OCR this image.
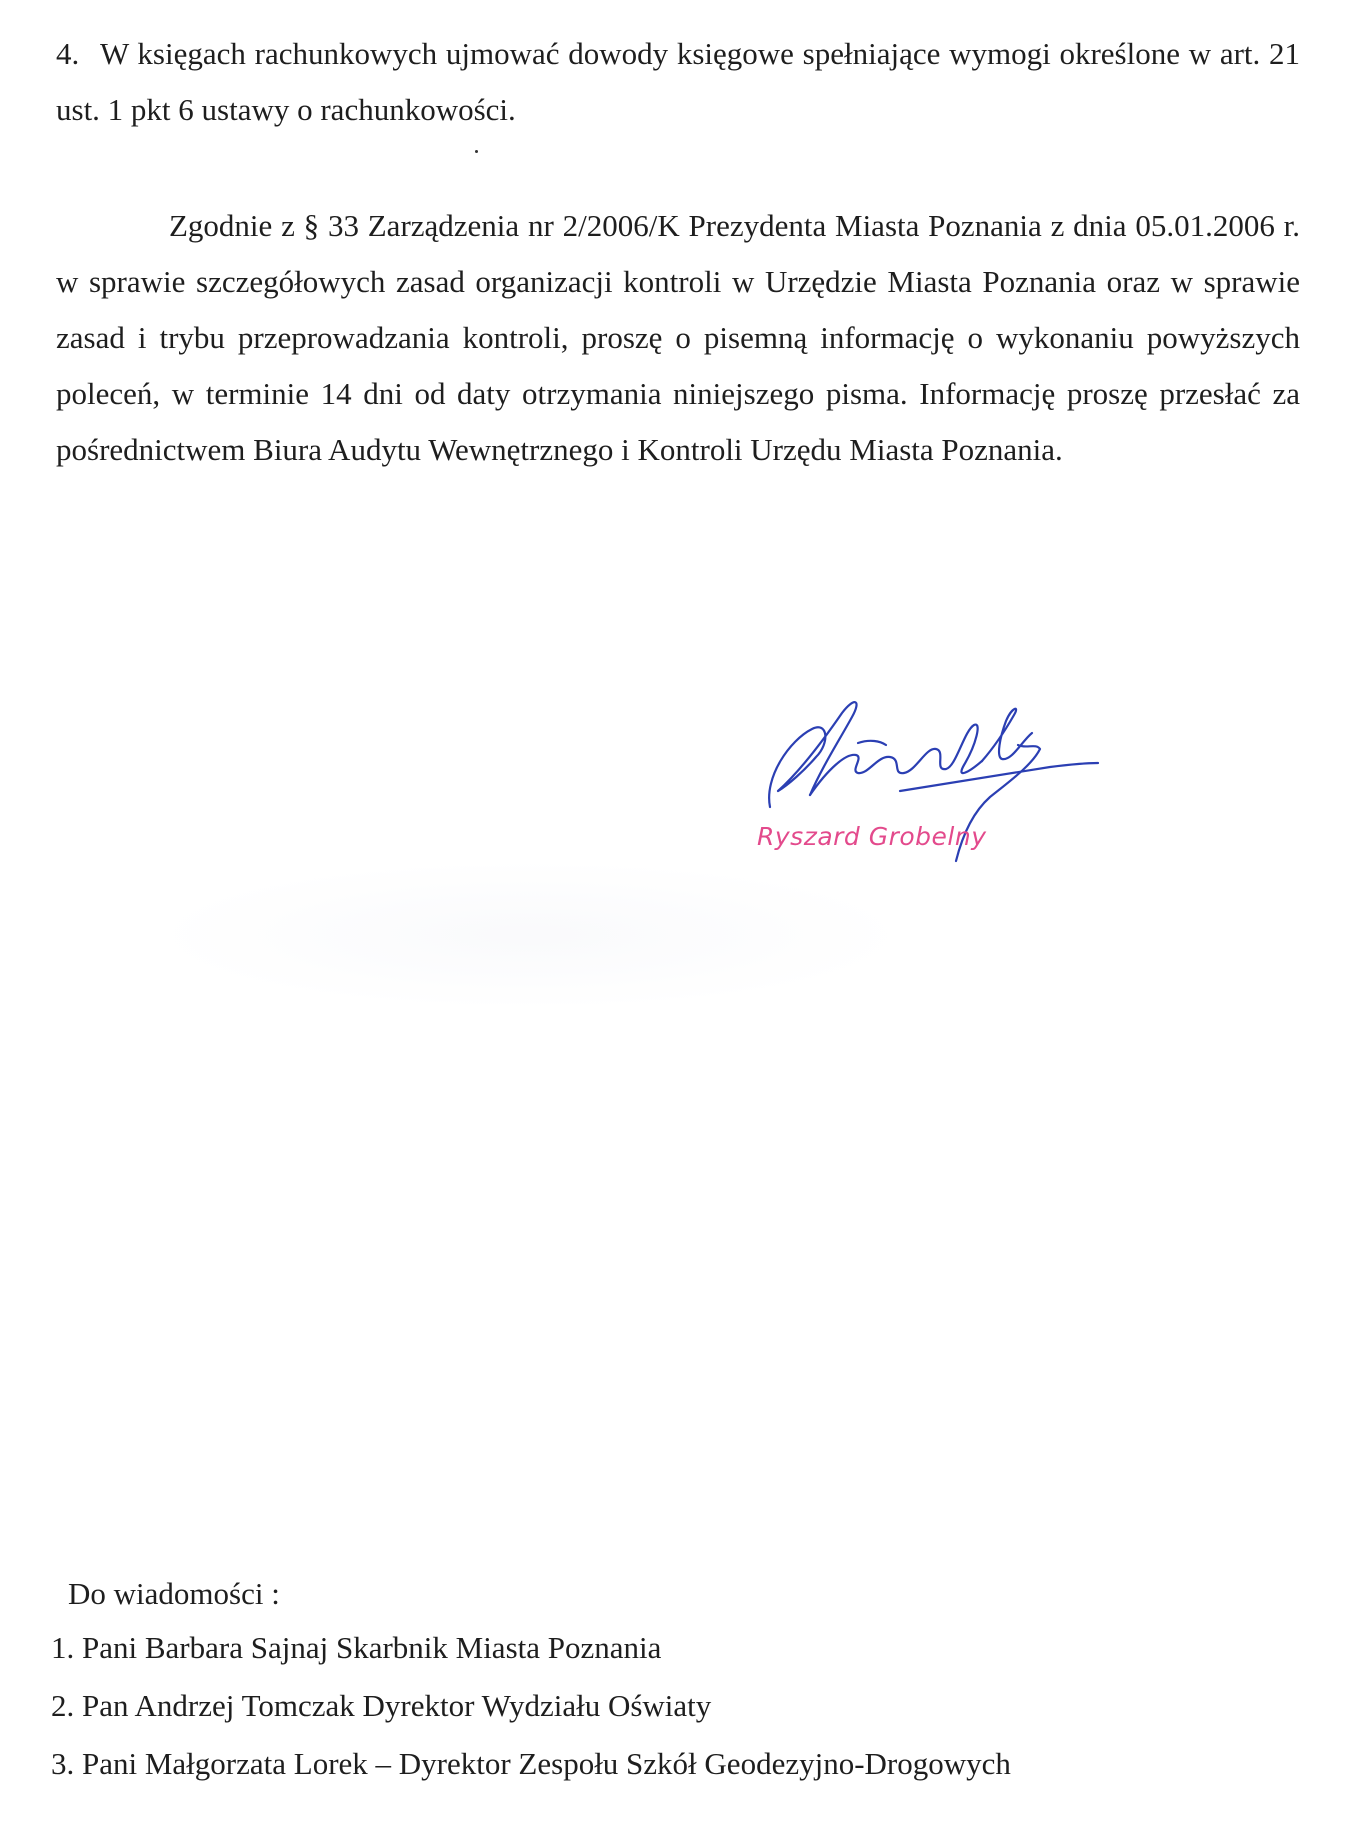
4. W księgach rachunkowych ujmować dowody księgowe spełniające wymogi określone w art. 21 ust. 1 pkt 6 ustawy o rachunkowości.
Zgodnie z § 33 Zarządzenia nr 2/2006/K Prezydenta Miasta Poznania z dnia 05.01.2006 r. w sprawie szczegółowych zasad organizacji kontroli w Urzędzie Miasta Poznania oraz w sprawie zasad i trybu przeprowadzania kontroli, proszę o pisemną informację o wykonaniu powyższych poleceń, w terminie 14 dni od daty otrzymania niniejszego pisma. Informację proszę przesłać za pośrednictwem Biura Audytu Wewnętrznego i Kontroli Urzędu Miasta Poznania.
Ryszard Grobelny
Do wiadomości :
1. Pani Barbara Sajnaj Skarbnik Miasta Poznania
2. Pan Andrzej Tomczak Dyrektor Wydziału Oświaty
3. Pani Małgorzata Lorek – Dyrektor Zespołu Szkół Geodezyjno-Drogowych
